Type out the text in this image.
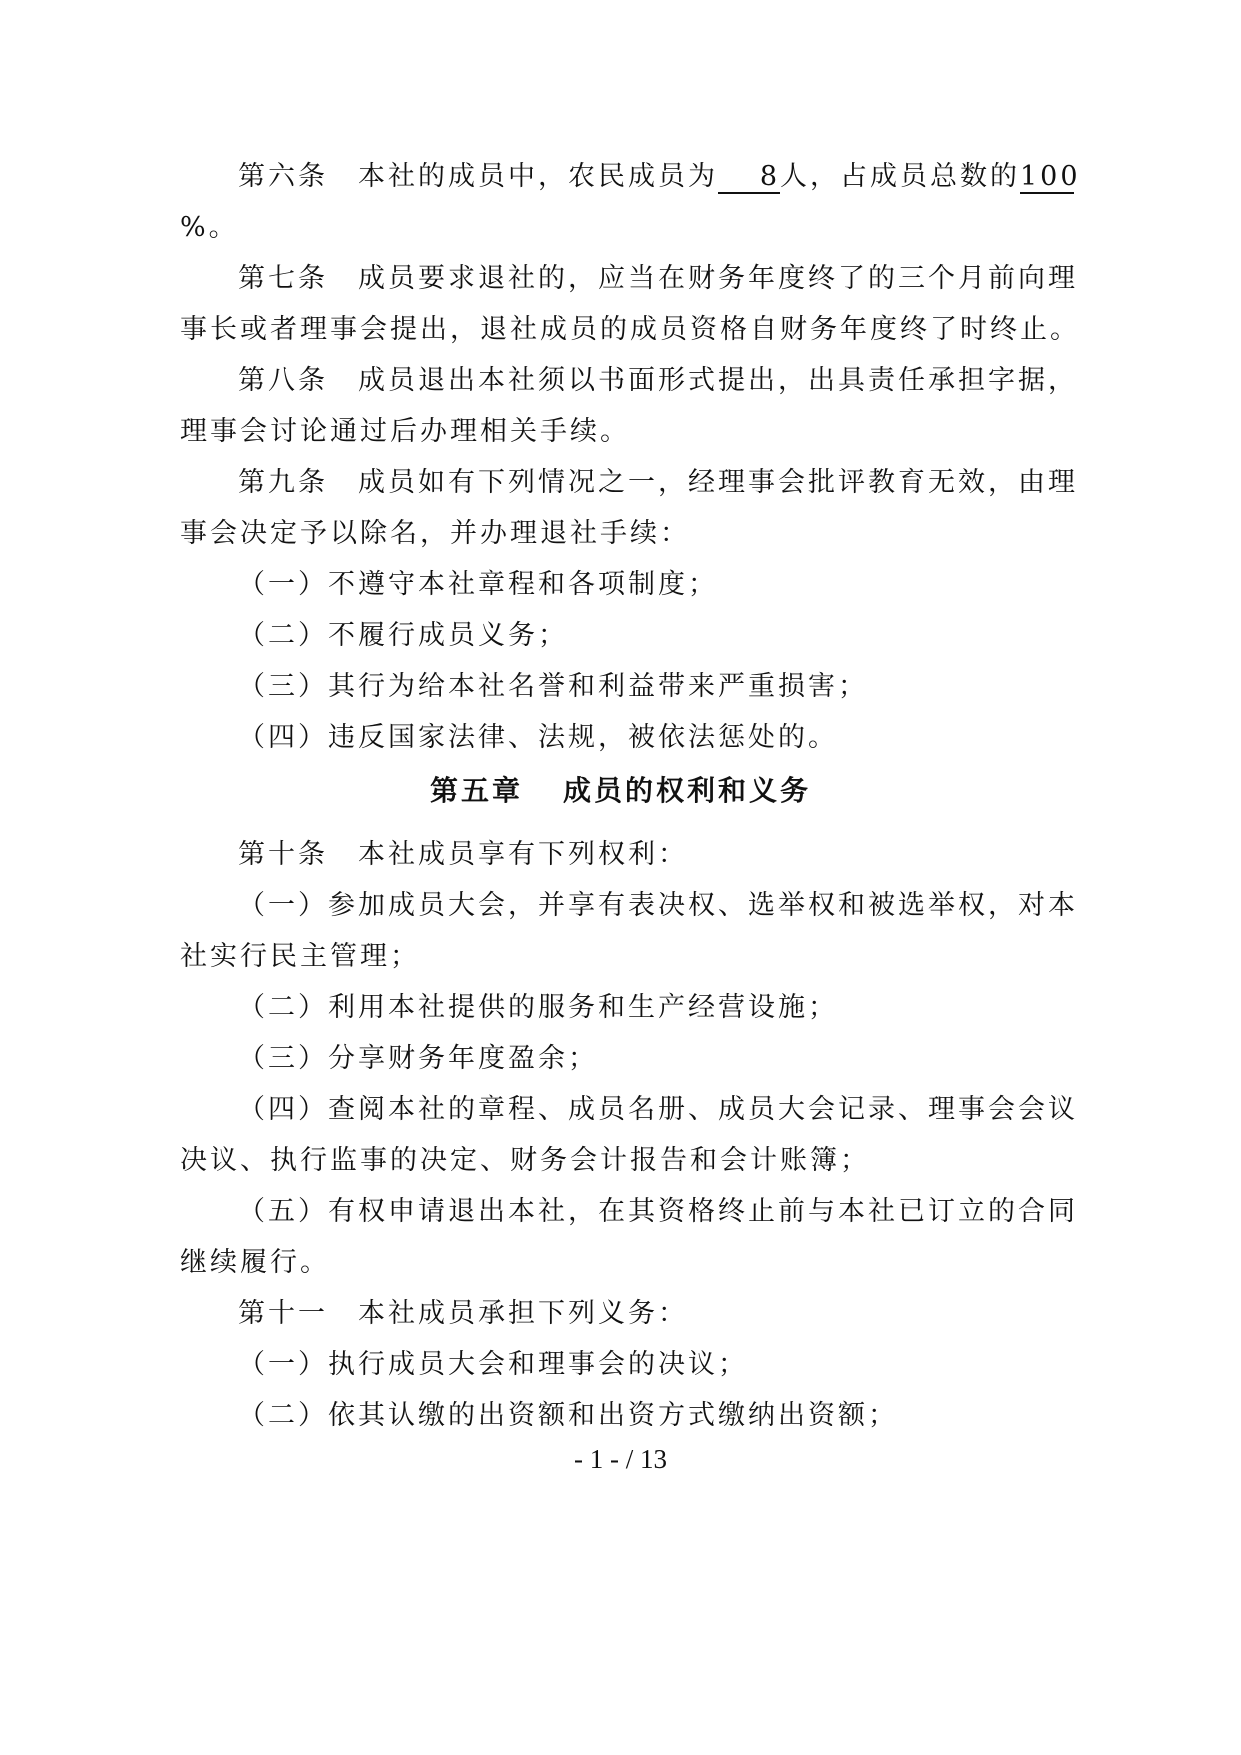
第六条　本社的成员中，农民成员为 8人，占成员总数的100
%。
第七条　成员要求退社的，应当在财务年度终了的三个月前向理
事长或者理事会提出，退社成员的成员资格自财务年度终了时终止。
第八条　成员退出本社须以书面形式提出，出具责任承担字据，
理事会讨论通过后办理相关手续。
第九条　成员如有下列情况之一，经理事会批评教育无效，由理
事会决定予以除名，并办理退社手续：
（一）不遵守本社章程和各项制度；
（二）不履行成员义务；
（三）其行为给本社名誉和利益带来严重损害；
（四）违反国家法律、法规，被依法惩处的。
第五章 成员的权利和义务
第十条　本社成员享有下列权利：
（一）参加成员大会，并享有表决权、选举权和被选举权，对本
社实行民主管理；
（二）利用本社提供的服务和生产经营设施；
（三）分享财务年度盈余；
（四）查阅本社的章程、成员名册、成员大会记录、理事会会议
决议、执行监事的决定、财务会计报告和会计账簿；
（五）有权申请退出本社，在其资格终止前与本社已订立的合同
继续履行。
第十一　本社成员承担下列义务：
（一）执行成员大会和理事会的决议；
（二）依其认缴的出资额和出资方式缴纳出资额；
- 1 - / 13
